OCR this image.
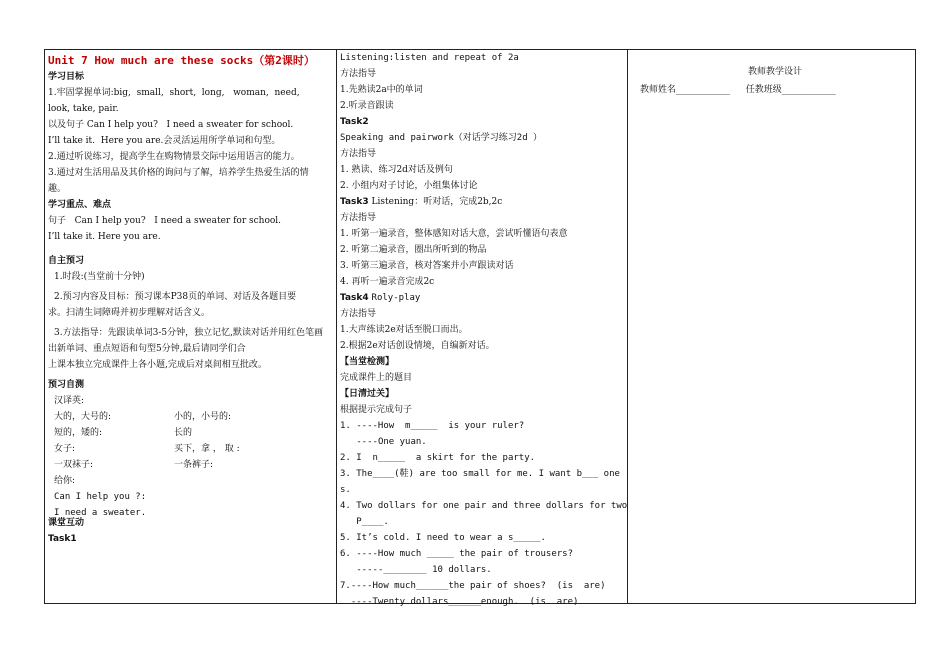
Unit 7 How much are these socks（第2课时）
学习目标
1.牢固掌握单词:big,  small,  short,  long,   woman,  need,
look, take, pair.
以及句子 Can I help you?   I need a sweater for school.
I’ll take it.  Here you are.会灵活运用所学单词和句型。
2.通过听说练习，提高学生在购物情景交际中运用语言的能力。
3.通过对生活用品及其价格的询问与了解，培养学生热爱生活的情
趣。
学习重点、难点
句子   Can I help you?   I need a sweater for school.
I’ll take it. Here you are.
自主预习
1.时段:(当堂前十分钟)
2.预习内容及目标：预习课本P38页的单词、对话及各题目要
求。扫清生词障碍并初步理解对话含义。
3.方法指导：先跟读单词3-5分钟，独立记忆,默读对话并用红色笔画
出新单词、重点短语和句型5分钟,最后请同学们合
上课本独立完成课件上各小题,完成后对桌间相互批改。
预习自测
汉译英:
大的，大号的:	小的，小号的:
短的，矮的:	长的
女子:	买下，拿 ， 取 :
一双袜子:	一条裤子:
给你:
Can I help you ?:
I need a sweater.
课堂互动
Task1
Listening:listen and repeat of 2a
方法指导
1.先熟读2a中的单词
2.听录音跟读
Task2
Speaking and pairwork（对话学习练习2d ）
方法指导
1. 熟读、练习2d对话及例句
2. 小组内对子讨论，小组集体讨论
Task3 Listening：听对话，完成2b,2c
方法指导
1. 听第一遍录音，整体感知对话大意，尝试听懂语句表意
2. 听第二遍录音，圈出所听到的物品
3. 听第三遍录音，核对答案并小声跟读对话
4. 再听一遍录音完成2c
Task4 Roly-play
方法指导
1.大声练读2e对话至脱口而出。
2.根据2e对话创设情境，自编新对话。
【当堂检测】
完成课件上的题目
【日清过关】
根据提示完成句子
1. ----How  m_____  is your ruler?
----One yuan.
2. I  n_____  a skirt for the party.
3. The____(鞋) are too small for me. I want b___ ones.
4. Two dollars for one pair and three dollars for two
P____.
5. It’s cold. I need to wear a s_____.
6. ----How much _____ the pair of trousers?
-----________ 10 dollars.
7.----How much______the pair of shoes?  (is  are)
----Twenty dollars______enough.  (is  are)
教师教学设计
教师姓名____________ 任教班级____________
